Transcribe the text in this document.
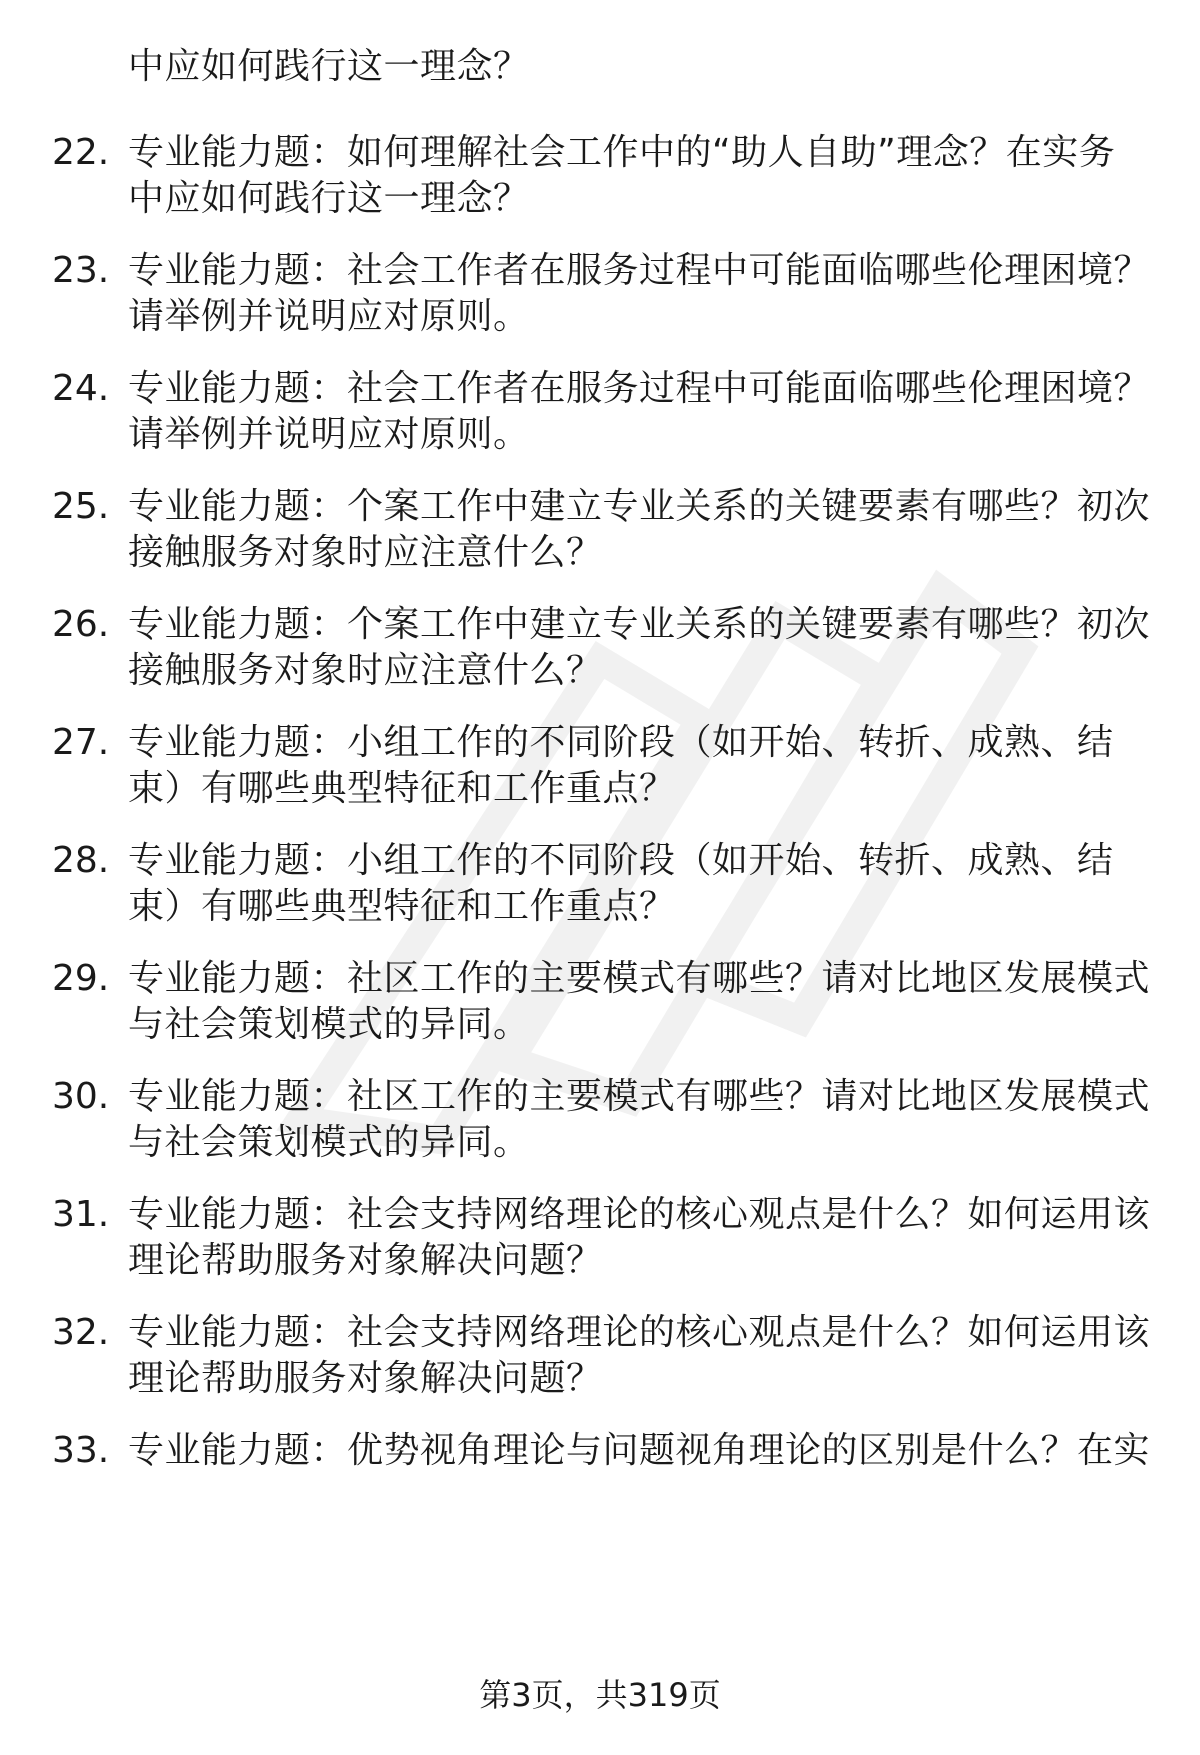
中应如何践行这一理念？
22. 专业能力题：如何理解社会工作中的“助人自助”理念？在实务
中应如何践行这一理念？
23. 专业能力题：社会工作者在服务过程中可能面临哪些伦理困境？
请举例并说明应对原则。
24. 专业能力题：社会工作者在服务过程中可能面临哪些伦理困境？
请举例并说明应对原则。
25. 专业能力题：个案工作中建立专业关系的关键要素有哪些？初次
接触服务对象时应注意什么？
26. 专业能力题：个案工作中建立专业关系的关键要素有哪些？初次
接触服务对象时应注意什么？
27. 专业能力题：小组工作的不同阶段（如开始、转折、成熟、结
束）有哪些典型特征和工作重点？
28. 专业能力题：小组工作的不同阶段（如开始、转折、成熟、结
束）有哪些典型特征和工作重点？
29. 专业能力题：社区工作的主要模式有哪些？请对比地区发展模式
与社会策划模式的异同。
30. 专业能力题：社区工作的主要模式有哪些？请对比地区发展模式
与社会策划模式的异同。
31. 专业能力题：社会支持网络理论的核心观点是什么？如何运用该
理论帮助服务对象解决问题？
32. 专业能力题：社会支持网络理论的核心观点是什么？如何运用该
理论帮助服务对象解决问题？
33. 专业能力题：优势视角理论与问题视角理论的区别是什么？在实
第3页，共319页
